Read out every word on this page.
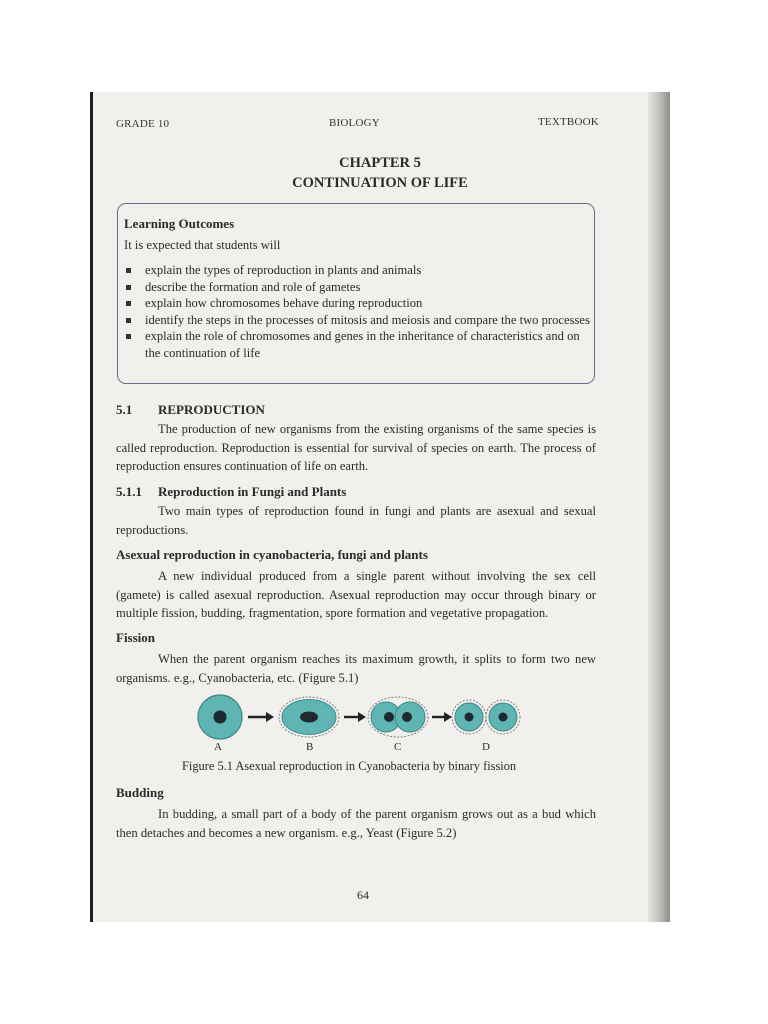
GRADE 10	BIOLOGY	TEXTBOOK
CHAPTER 5
CONTINUATION OF LIFE
Learning Outcomes
It is expected that students will
explain the types of reproduction in plants and animals
describe the formation and role of gametes
explain how chromosomes behave during reproduction
identify the steps in the processes of mitosis and meiosis and compare the two processes
explain the role of chromosomes and genes in the inheritance of characteristics and on the continuation of life
5.1 REPRODUCTION
The production of new organisms from the existing organisms of the same species is called reproduction. Reproduction is essential for survival of species on earth. The process of reproduction ensures continuation of life on earth.
5.1.1 Reproduction in Fungi and Plants
Two main types of reproduction found in fungi and plants are asexual and sexual reproductions.
Asexual reproduction in cyanobacteria, fungi and plants
A new individual produced from a single parent without involving the sex cell (gamete) is called asexual reproduction. Asexual reproduction may occur through binary or multiple fission, budding, fragmentation, spore formation and vegetative propagation.
Fission
When the parent organism reaches its maximum growth, it splits to form two new organisms. e.g., Cyanobacteria, etc. (Figure 5.1)
A	B	C	D
Figure 5.1 Asexual reproduction in Cyanobacteria by binary fission
Budding
In budding, a small part of a body of the parent organism grows out as a bud which then detaches and becomes a new organism. e.g., Yeast (Figure 5.2)
64
